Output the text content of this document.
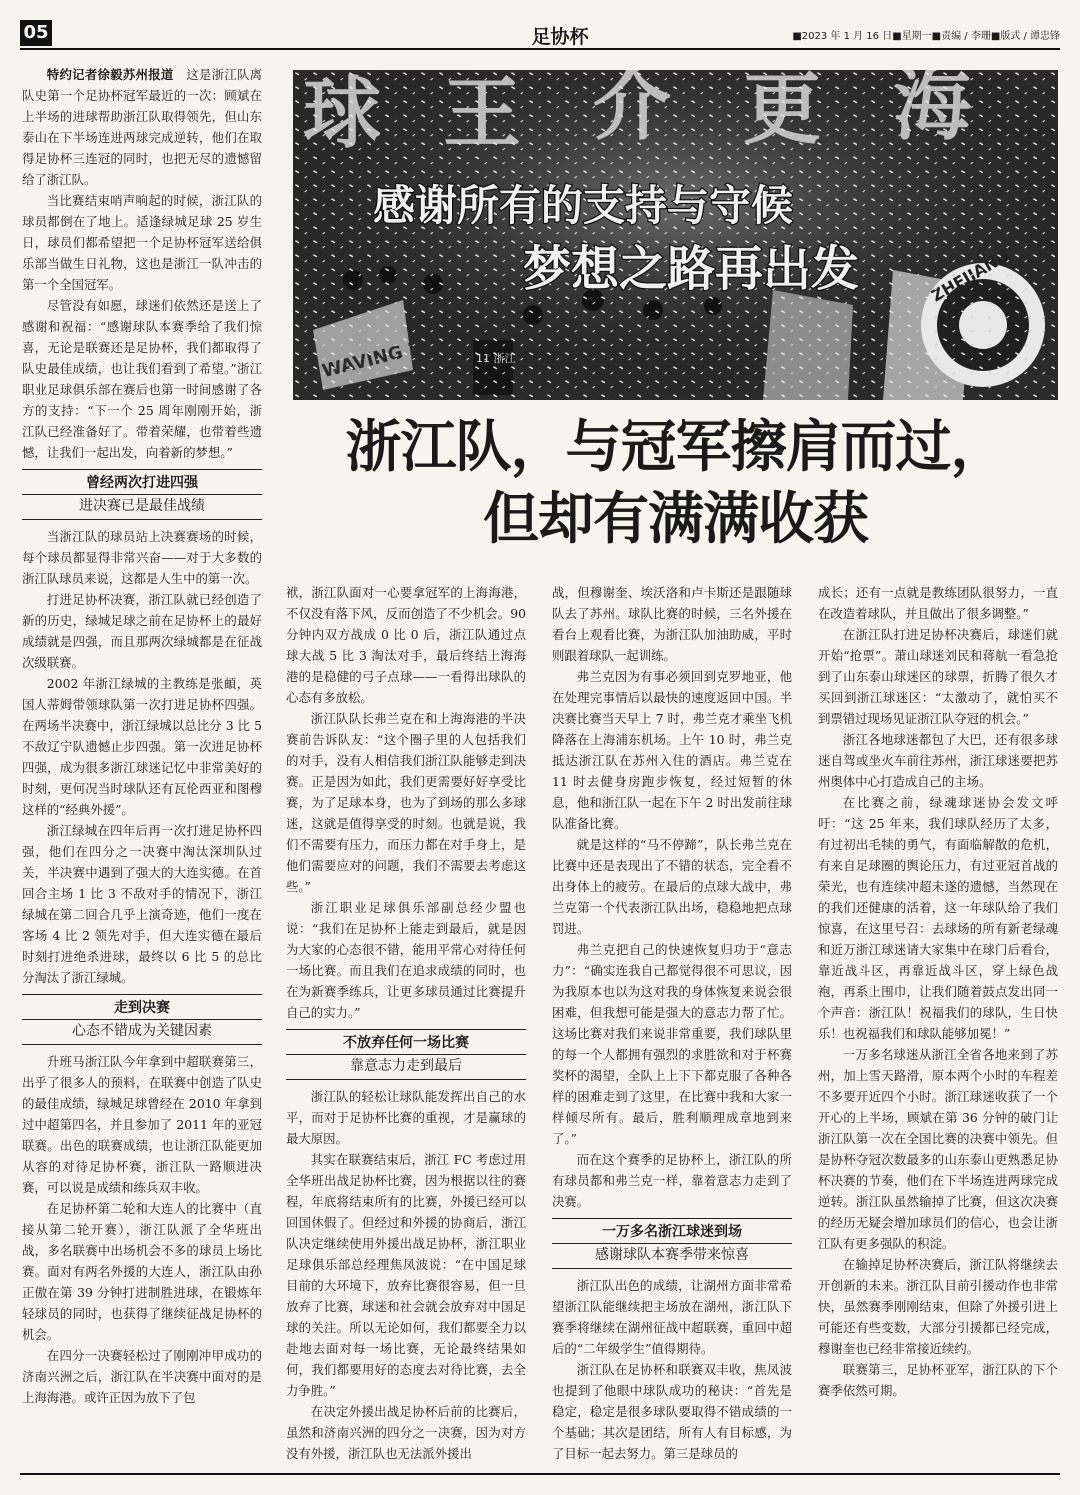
05	足协杯	■2023 年 1 月 16 日■星期一■责编 / 李珊■版式 / 谭忠锋
感谢所有的支持与守候
梦想之路再出发
浙江队，与冠军擦肩而过，
但却有满满收获

特约记者徐毅苏州报道　 这是浙江队离队史第一个足协杯冠军最近的一次：顾斌在上半场的进球帮助浙江队取得领先，但山东泰山在下半场连进两球完成逆转，他们在取得足协杯三连冠的同时，也把无尽的遗憾留给了浙江队。

当比赛结束哨声响起的时候，浙江队的球员都倒在了地上。适逢绿城足球 25 岁生日，球员们都希望把一个足协杯冠军送给俱乐部当做生日礼物，这也是浙江一队冲击的第一个全国冠军。

尽管没有如愿，球迷们依然还是送上了感谢和祝福：“感谢球队本赛季给了我们惊喜，无论是联赛还是足协杯，我们都取得了队史最佳成绩，也让我们看到了希望。”浙江职业足球俱乐部在赛后也第一时间感谢了各方的支持：“下一个 25 周年刚刚开始，浙江队已经准备好了。带着荣耀，也带着些遗憾，让我们一起出发，向着新的梦想。”

曾经两次打进四强
进决赛已是最佳战绩

当浙江队的球员站上决赛赛场的时候，每个球员都显得非常兴奋——对于大多数的浙江队球员来说，这都是人生中的第一次。

打进足协杯决赛，浙江队就已经创造了新的历史，绿城足球之前在足协杯上的最好成绩就是四强，而且那两次绿城都是在征战次级联赛。

2002 年浙江绿城的主教练是张頔，英国人蒂姆带领球队第一次打进足协杯四强。在两场半决赛中，浙江绿城以总比分 3 比 5 不敌辽宁队遗憾止步四强。第一次进足协杯四强，成为很多浙江球迷记忆中非常美好的时刻，更何况当时球队还有瓦伦西亚和图穆这样的“经典外援”。

浙江绿城在四年后再一次打进足协杯四强，他们在四分之一决赛中淘汰深圳队过关，半决赛中遇到了强大的大连实德。在首回合主场 1 比 3 不敌对手的情况下，浙江绿城在第二回合几乎上演奇迹，他们一度在客场 4 比 2 领先对手，但大连实德在最后时刻打进绝杀进球，最终以 6 比 5 的总比分淘汰了浙江绿城。

走到决赛
心态不错成为关键因素

升班马浙江队今年拿到中超联赛第三，出乎了很多人的预料，在联赛中创造了队史的最佳成绩，绿城足球曾经在 2010 年拿到过中超第四名，并且参加了 2011 年的亚冠联赛。出色的联赛成绩，也让浙江队能更加从容的对待足协杯赛，浙江队一路顺进决赛，可以说是成绩和练兵双丰收。

在足协杯第二轮和大连人的比赛中（直接从第二轮开赛），浙江队派了全华班出战，多名联赛中出场机会不多的球员上场比赛。面对有两名外援的大连人，浙江队由孙正傲在第 39 分钟打进制胜进球，在锻炼年轻球员的同时，也获得了继续征战足协杯的机会。

在四分一决赛轻松过了刚刚冲甲成功的济南兴洲之后，浙江队在半决赛中面对的是上海海港。或许正因为放下了包

袱，浙江队面对一心要拿冠军的上海海港，不仅没有落下风，反而创造了不少机会。90 分钟内双方战成 0 比 0 后，浙江队通过点球大战 5 比 3 淘汰对手，最后终结上海海港的是稳健的弓子点球——一看得出球队的心态有多放松。

浙江队队长弗兰克在和上海海港的半决赛前告诉队友：“这个圈子里的人包括我们的对手，没有人相信我们浙江队能够走到决赛。正是因为如此，我们更需要好好享受比赛，为了足球本身，也为了到场的那么多球迷，这就是值得享受的时刻。也就是说，我们不需要有压力，而压力都在对手身上，是他们需要应对的问题，我们不需要去考虑这些。”

浙江职业足球俱乐部副总经少盟也说：“我们在足协杯上能走到最后，就是因为大家的心态很不错，能用平常心对待任何一场比赛。而且我们在追求成绩的同时，也在为新赛季练兵，让更多球员通过比赛提升自己的实力。”

不放弃任何一场比赛
靠意志力走到最后

浙江队的轻松让球队能发挥出自己的水平，而对于足协杯比赛的重视，才是赢球的最大原因。

其实在联赛结束后，浙江 FC 考虑过用全华班出战足协杯比赛，因为根据以往的赛程，年底将结束所有的比赛，外援已经可以回国休假了。但经过和外援的协商后，浙江队决定继续使用外援出战足协杯，浙江职业足球俱乐部总经理焦凤波说：“在中国足球目前的大环境下，放弃比赛很容易，但一旦放弃了比赛，球迷和社会就会放弃对中国足球的关注。所以无论如何，我们都要全力以赴地去面对每一场比赛，无论最终结果如何，我们都要用好的态度去对待比赛，去全力争胜。”

在决定外援出战足协杯后前的比赛后，虽然和济南兴洲的四分之一决赛，因为对方没有外援，浙江队也无法派外援出

战，但穆谢奎、埃沃洛和卢卡斯还是跟随球队去了苏州。球队比赛的时候，三名外援在看台上观看比赛，为浙江队加油助威，平时则跟着球队一起训练。

弗兰克因为有事必须回到克罗地亚，他在处理完事情后以最快的速度返回中国。半决赛比赛当天早上 7 时，弗兰克才乘坐飞机降落在上海浦东机场。上午 10 时，弗兰克抵达浙江队在苏州入住的酒店。弗兰克在 11 时去健身房跑步恢复，经过短暂的休息，他和浙江队一起在下午 2 时出发前往球队准备比赛。

就是这样的“马不停蹄”，队长弗兰克在比赛中还是表现出了不错的状态，完全看不出身体上的疲劳。在最后的点球大战中，弗兰克第一个代表浙江队出场，稳稳地把点球罚进。

弗兰克把自己的快速恢复归功于“意志力”：“确实连我自己都觉得很不可思议，因为我原本也以为这对我的身体恢复来说会很困难，但我想可能是强大的意志力帮了忙。这场比赛对我们来说非常重要，我们球队里的每一个人都拥有强烈的求胜欲和对于杯赛奖杯的渴望，全队上上下下都克服了各种各样的困难走到了这里，在比赛中我和大家一样倾尽所有。最后，胜利顺理成章地到来了。”

而在这个赛季的足协杯上，浙江队的所有球员都和弗兰克一样，靠着意志力走到了决赛。

一万多名浙江球迷到场
感谢球队本赛季带来惊喜

浙江队出色的成绩，让湖州方面非常希望浙江队能继续把主场放在湖州，浙江队下赛季将继续在湖州征战中超联赛，重回中超后的“二年级学生”值得期待。

浙江队在足协杯和联赛双丰收，焦凤波也提到了他眼中球队成功的秘诀：“首先是稳定，稳定是很多球队要取得不错成绩的一个基础；其次是团结，所有人有目标感，为了目标一起去努力。第三是球员的

成长；还有一点就是教练团队很努力，一直在改造着球队，并且做出了很多调整。”

在浙江队打进足协杯决赛后，球迷们就开始“抢票”。萧山球迷刘民和蒋航一看急抢到了山东泰山球迷区的球票，折腾了很久才买回到浙江球迷区：“太激动了，就怕买不到票错过现场见证浙江队夺冠的机会。”

浙江各地球迷都包了大巴，还有很多球迷自驾或坐火车前往苏州，浙江球迷要把苏州奥体中心打造成自己的主场。

在比赛之前，绿魂球迷协会发文呼吁：“这 25 年来，我们球队经历了太多，有过初出毛犊的勇气，有面临解散的危机，有来自足球圈的舆论压力，有过亚冠首战的荣光，也有连续冲超未遂的遗憾，当然现在的我们还健康的活着，这一年球队给了我们惊喜，在这里号召：去球场的所有新老绿魂和近万浙江球迷请大家集中在球门后看台，靠近战斗区，再靠近战斗区，穿上绿色战袍，再系上围巾，让我们随着鼓点发出同一个声音：浙江队！祝福我们的球队，生日快乐！也祝福我们和球队能够加冕！”

一万多名球迷从浙江全省各地来到了苏州，加上雪天路滑，原本两个小时的车程差不多要开近四个小时。浙江球迷收获了一个开心的上半场，顾斌在第 36 分钟的破门让浙江队第一次在全国比赛的决赛中领先。但是协杯夺冠次数最多的山东泰山更熟悉足协杯决赛的节奏，他们在下半场连进两球完成逆转。浙江队虽然输掉了比赛，但这次决赛的经历无疑会增加球员们的信心，也会让浙江队有更多强队的积淀。

在输掉足协杯决赛后，浙江队将继续去开创新的未来。浙江队目前引援动作也非常快，虽然赛季刚刚结束，但除了外援引进上可能还有些变数，大部分引援都已经完成，穆谢奎也已经非常接近续约。

联赛第三，足协杯亚军，浙江队的下个赛季依然可期。
